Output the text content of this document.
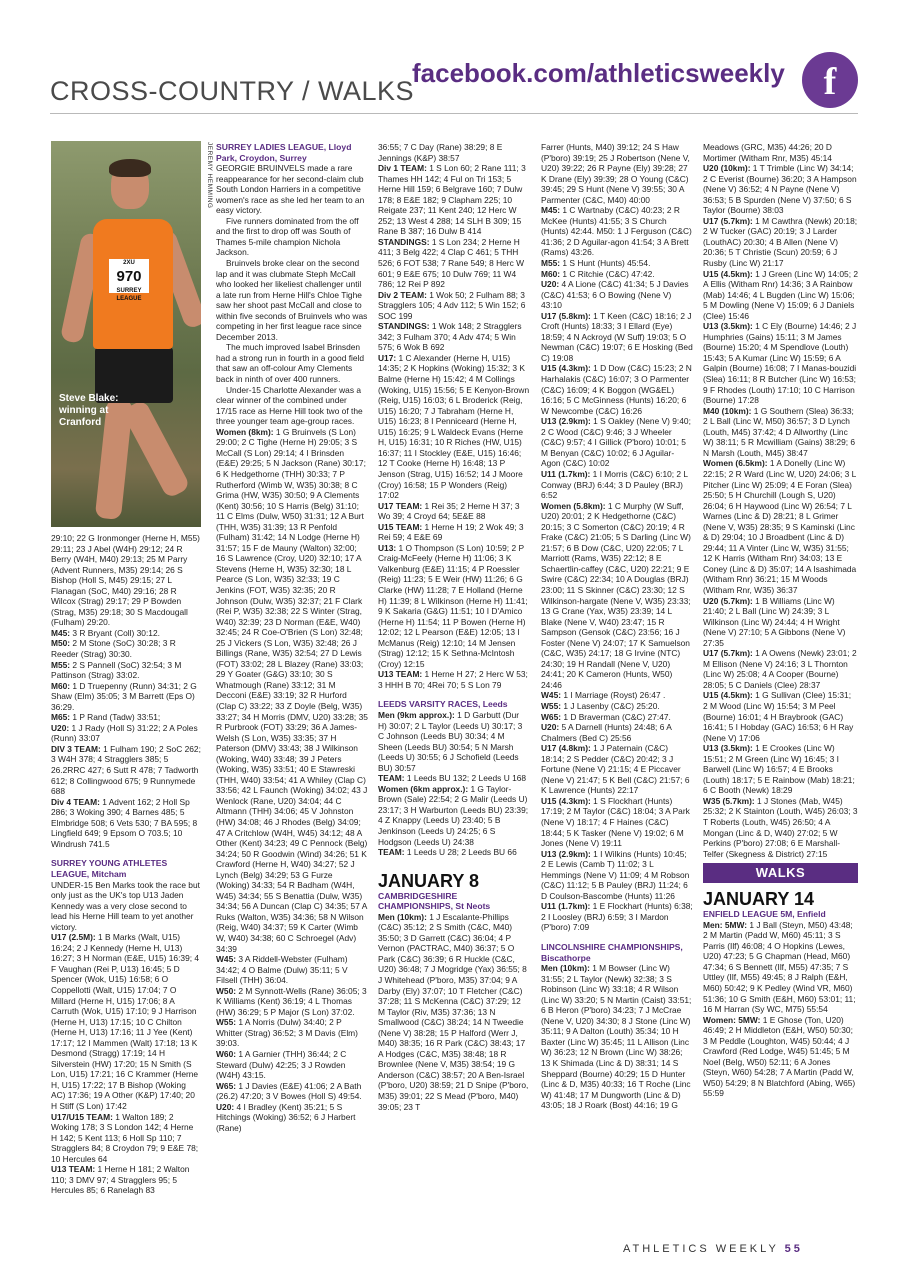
CROSS-COUNTRY / WALKS
facebook.com/athleticsweekly	f
2XU
970
SURREY LEAGUE
Steve Blake: winning at Cranford
JEREMY HEMMING

29:10; 22 G Ironmonger (Herne H, M55) 29:11; 23 J Abel (W4H) 29:12; 24 R Berry (W4H, M40) 29:13; 25 M Parry (Advent Runners, M35) 29:14; 26 S Bishop (Holl S, M45) 29:15; 27 L Flanagan (SoC, M40) 29:16; 28 R Wilcox (Strag) 29:17; 29 P Bowden (Strag, M35) 29:18; 30 S Macdougall (Fulham) 29:20.

M45: 3 R Bryant (Coll) 30:12.

M50: 2 M Stone (SoC) 30:28; 3 R Reeder (Strag) 30:30.

M55: 2 S Pannell (SoC) 32:54; 3 M Pattinson (Strag) 33:02.

M60: 1 D Truepenny (Runn) 34:31; 2 G Shaw (Elm) 35:05; 3 M Barrett (Eps O) 36:29.

M65: 1 P Rand (Tadw) 33:51;

U20: 1 J Rady (Holl S) 31:22; 2 A Poles (Runn) 33:07

DIV 3 TEAM: 1 Fulham 190; 2 SoC 262; 3 W4H 378; 4 Stragglers 385; 5 26.2RRC 427; 6 Sutt R 478; 7 Tadworth 612; 8 Collingwood 675; 9 Runnymede 688

Div 4 TEAM: 1 Advent 162; 2 Holl Sp 286; 3 Woking 390; 4 Barnes 485; 5 Elmbridge 508; 6 Vets 530; 7 BA 595; 8 Lingfield 649; 9 Epsom O 703.5; 10 Windrush 741.5

SURREY YOUNG ATHLETES LEAGUE, Mitcham

UNDER-15 Ben Marks took the race but only just as the UK's top U13 Jaden Kennedy was a very close second to lead his Herne Hill team to yet another victory.

U17 (2.5M): 1 B Marks (Walt, U15) 16:24; 2 J Kennedy (Herne H, U13) 16:27; 3 H Norman (E&E, U15) 16:39; 4 F Vaughan (Rei P, U13) 16:45; 5 D Spencer (Wok, U15) 16:58; 6 O Coppellotti (Walt, U15) 17:04; 7 O Millard (Herne H, U15) 17:06; 8 A Carruth (Wok, U15) 17:10; 9 J Harrison (Herne H, U13) 17:15; 10 C Chilton (Herne H, U13) 17:16; 11 J Yee (Kent) 17:17; 12 I Mammen (Walt) 17:18; 13 K Desmond (Stragg) 17:19; 14 H Silverstein (HW) 17:20; 15 N Smith (S Lon, U15) 17:21; 16 C Krammer (Herne H, U15) 17:22; 17 B Bishop (Woking AC) 17:36; 19 A Other (K&P) 17:40; 20 H Stiff (S Lon) 17:42

U17/U15 TEAM: 1 Walton 189; 2 Woking 178; 3 S London 142; 4 Herne H 142; 5 Kent 113; 6 Holl Sp 110; 7 Stragglers 84; 8 Croydon 79; 9 E&E 78; 10 Hercules 64

U13 TEAM: 1 Herne H 181; 2 Walton 110; 3 DMV 97; 4 Stragglers 95; 5 Hercules 85; 6 Ranelagh 83

SURREY LADIES LEAGUE, Lloyd Park, Croydon, Surrey

GEORGIE BRUINVELS made a rare reappearance for her second-claim club South London Harriers in a competitive women's race as she led her team to an easy victory.

Five runners dominated from the off and the first to drop off was South of Thames 5-mile champion Nichola Jackson.

Bruinvels broke clear on the second lap and it was clubmate Steph McCall who looked her likeliest challenger until a late run from Herne Hill's Chloe Tighe saw her shoot past McCall and close to within five seconds of Bruinvels who was competing in her first league race since December 2013.

The much improved Isabel Brinsden had a strong run in fourth in a good field that saw an off-colour Amy Clements back in ninth of over 400 runners.

Under-15 Charlotte Alexander was a clear winner of the combined under 17/15 race as Herne Hill took two of the three younger team age-group races.

Women (8km): 1 G Bruinvels (S Lon) 29:00; 2 C Tighe (Herne H) 29:05; 3 S McCall (S Lon) 29:14; 4 I Brinsden (E&E) 29:25; 5 N Jackson (Rane) 30:17; 6 K Hedgethorne (THH) 30:33; 7 P Rutherford (Wimb W, W35) 30:38; 8 C Grima (HW, W35) 30:50; 9 A Clements (Kent) 30:56; 10 S Harris (Belg) 31:10; 11 C Elms (Dulw, W50) 31:31; 12 A Burt (THH, W35) 31:39; 13 R Penfold (Fulham) 31:42; 14 N Lodge (Herne H) 31:57; 15 F de Mauny (Walton) 32:00; 16 S Lawrence (Croy, U20) 32:10; 17 A Stevens (Herne H, W35) 32:30; 18 L Pearce (S Lon, W35) 32:33; 19 C Jenkins (FOT, W35) 32:35; 20 R Johnson (Dulw, W35) 32:37; 21 F Clark (Rei P, W35) 32:38; 22 S Winter (Strag, W40) 32:39; 23 D Norman (E&E, W40) 32:45; 24 R Coe-O'Brien (S Lon) 32:48; 25 J Vickers (S Lon, W35) 32:48; 26 J Billings (Rane, W35) 32:54; 27 D Lewis (FOT) 33:02; 28 L Blazey (Rane) 33:03; 29 Y Goater (G&G) 33:10; 30 S Whatmough (Rane) 33:12; 31 M Decconi (E&E) 33:19; 32 R Hurford (Clap C) 33:22; 33 Z Doyle (Belg, W35) 33:27; 34 H Morris (DMV, U20) 33:28; 35 R Purbrook (FOT) 33:29; 36 A James-Welsh (S Lon, W35) 33:35; 37 H Paterson (DMV) 33:43; 38 J Wilkinson (Woking, W40) 33:48; 39 J Peters (Woking, W35) 33:51; 40 E Stawreski (THH, W40) 33:54; 41 A Whiley (Clap C) 33:56; 42 L Faunch (Woking) 34:02; 43 J Wenlock (Rane, U20) 34:04; 44 C Altmann (THH) 34:06; 45 V Johnston (HW) 34:08; 46 J Rhodes (Belg) 34:09; 47 A Critchlow (W4H, W45) 34:12; 48 A Other (Kent) 34:23; 49 C Pennock (Belg) 34:24; 50 R Goodwin (Wind) 34:26; 51 K Crawford (Herne H, W40) 34:27; 52 J Lynch (Belg) 34:29; 53 G Furze (Woking) 34:33; 54 R Badham (W4H, W45) 34:34; 55 S Benattia (Dulw, W35) 34:34; 56 A Duncan (Clap C) 34:35; 57 A Ruks (Walton, W35) 34:36; 58 N Wilson (Reig, W40) 34:37; 59 K Carter (Wimb W, W40) 34:38; 60 C Schroegel (Adv) 34:39

W45: 3 A Riddell-Webster (Fulham) 34:42; 4 O Balme (Dulw) 35:11; 5 V Filsell (THH) 36:04.

W50: 2 M Synnott-Wells (Rane) 36:05; 3 K Williams (Kent) 36:19; 4 L Thomas (HW) 36:29; 5 P Major (S Lon) 37:02.

W55: 1 A Norris (Dulw) 34:40; 2 P Whitter (Strag) 36:52; 3 M Davis (Elm) 39:03.

W60: 1 A Garnier (THH) 36:44; 2 C Steward (Dulw) 42:25; 3 J Rowden (W4H) 43:15.

W65: 1 J Davies (E&E) 41:06; 2 A Bath (26.2) 47:20; 3 V Bowes (Holl S) 49:54.

U20: 4 I Bradley (Kent) 35:21; 5 S Hitchings (Woking) 36:52; 6 J Harbert (Rane)

36:55; 7 C Day (Rane) 38:29; 8 E Jennings (K&P) 38:57

Div 1 TEAM: 1 S Lon 60; 2 Rane 111; 3 Thames HH 142; 4 Ful on Tri 153; 5 Herne Hill 159; 6 Belgrave 160; 7 Dulw 178; 8 E&E 182; 9 Clapham 225; 10 Reigate 237; 11 Kent 240; 12 Herc W 252; 13 West 4 288; 14 SLH B 309; 15 Rane B 387; 16 Dulw B 414

STANDINGS: 1 S Lon 234; 2 Herne H 411; 3 Belg 422; 4 Clap C 461; 5 THH 526; 6 FOT 538; 7 Rane 549; 8 Herc W 601; 9 E&E 675; 10 Dulw 769; 11 W4 786; 12 Rei P 892

Div 2 TEAM: 1 Wok 50; 2 Fulham 88; 3 Stragglers 105; 4 Adv 112; 5 Win 152; 6 SOC 199

STANDINGS: 1 Wok 148; 2 Stragglers 342; 3 Fulham 370; 4 Adv 474; 5 Win 575; 6 Wok B 692

U17: 1 C Alexander (Herne H, U15) 14:35; 2 K Hopkins (Woking) 15:32; 3 K Balme (Herne H) 15:42; 4 M Collings (Woking, U15) 15:56; 5 E Kenyon-Brown (Reig, U15) 16:03; 6 L Broderick (Reig, U15) 16:20; 7 J Tabraham (Herne H, U15) 16:23; 8 I Penniceard (Herne H, U15) 16:25; 9 L Waldeck Evans (Herne H, U15) 16:31; 10 R Riches (HW, U15) 16:37; 11 I Stockley (E&E, U15) 16:46; 12 T Cooke (Herne H) 16:48; 13 P Jenson (Strag, U15) 16:52; 14 J Moore (Croy) 16:58; 15 P Wonders (Reig) 17:02

U17 TEAM: 1 Rei 35; 2 Herne H 37; 3 Wo 39; 4 Croyd 64; 5E&E 88

U15 TEAM: 1 Herne H 19; 2 Wok 49; 3 Rei 59; 4 E&E 69

U13: 1 O Thompson (S Lon) 10:59; 2 P Craig-McFeely (Herne H) 11:06; 3 K Valkenburg (E&E) 11:15; 4 P Roessler (Reig) 11:23; 5 E Weir (HW) 11:26; 6 G Clarke (HW) 11:28; 7 E Holland (Herne H) 11:39; 8 L Wilkinson (Herne H) 11:41; 9 K Sakaria (G&G) 11:51; 10 I D'Amico (Herne H) 11:54; 11 P Bowen (Herne H) 12:02; 12 L Pearson (E&E) 12:05; 13 I McManus (Reig) 12:10; 14 M Jensen (Strag) 12:12; 15 K Sethna-McIntosh (Croy) 12:15

U13 TEAM: 1 Herne H 27; 2 Herc W 53; 3 HHH B 70; 4Rei 70; 5 S Lon 79

LEEDS VARSITY RACES, Leeds

Men (9km approx.): 1 D Garbutt (Dur H) 30:07; 2 L Taylor (Leeds U) 30:17; 3 C Johnson (Leeds BU) 30:34; 4 M Sheen (Leeds BU) 30:54; 5 N Marsh (Leeds U) 30:55; 6 J Schofield (Leeds BU) 30:57

TEAM: 1 Leeds BU 132; 2 Leeds U 168

Women (6km approx.): 1 G Taylor-Brown (Sale) 22:54; 2 G Malir (Leeds U) 23:17; 3 H Warburton (Leeds BU) 23:39; 4 Z Knappy (Leeds U) 23:40; 5 B Jenkinson (Leeds U) 24:25; 6 S Hodgson (Leeds U) 24:38

TEAM: 1 Leeds U 28; 2 Leeds BU 66

JANUARY 8

CAMBRIDGESHIRE CHAMPIONSHIPS, St Neots

Men (10km): 1 J Escalante-Phillips (C&C) 35:12; 2 S Smith (C&C, M40) 35:50; 3 D Garrett (C&C) 36:04; 4 P Vernon (PACTRAC, M40) 36:37; 5 O Park (C&C) 36:39; 6 R Huckle (C&C, U20) 36:48; 7 J Mogridge (Yax) 36:55; 8 J Whitehead (P'boro, M35) 37:04; 9 A Darby (Ely) 37:07; 10 T Fletcher (C&C) 37:28; 11 S McKenna (C&C) 37:29; 12 M Taylor (Riv, M35) 37:36; 13 N Smallwood (C&C) 38:24; 14 N Tweedie (Nene V) 38:28; 15 P Halford (Werr J, M40) 38:35; 16 R Park (C&C) 38:43; 17 A Hodges (C&C, M35) 38:48; 18 R Brownlee (Nene V, M35) 38:54; 19 G Anderson (C&C) 38:57; 20 A Ben-Israel (P'boro, U20) 38:59; 21 D Snipe (P'boro, M35) 39:01; 22 S Mead (P'boro, M40) 39:05; 23 T

Farrer (Hunts, M40) 39:12; 24 S Haw (P'boro) 39:19; 25 J Robertson (Nene V, U20) 39:22; 26 R Payne (Ely) 39:28; 27 K Drane (Ely) 39:39; 28 O Young (C&C) 39:45; 29 S Hunt (Nene V) 39:55; 30 A Parmenter (C&C, M40) 40:00

M45: 1 C Wartnaby (C&C) 40:23; 2 R McKee (Hunts) 41:55; 3 S Church (Hunts) 42:44. M50: 1 J Ferguson (C&C) 41:36; 2 D Aguilar-agon 41:54; 3 A Brett (Rams) 43:26.

M55: 1 S Hunt (Hunts) 45:54.

M60: 1 C Ritchie (C&C) 47:42.

U20: 4 A Lione (C&C) 41:34; 5 J Davies (C&C) 41:53; 6 O Bowing (Nene V) 43:10

U17 (5.8km): 1 T Keen (C&C) 18:16; 2 J Croft (Hunts) 18:33; 3 I Ellard (Eye) 18:59; 4 N Ackroyd (W Suff) 19:03; 5 O Newman (C&C) 19:07; 6 E Hosking (Bed C) 19:08

U15 (4.3km): 1 D Dow (C&C) 15:23; 2 N Harhalakis (C&C) 16:07; 3 O Parmenter (C&C) 16:09; 4 K Boggon (WG&EL) 16:16; 5 C McGinness (Hunts) 16:20; 6 W Newcombe (C&C) 16:26

U13 (2.9km): 1 S Oakley (Nene V) 9:40; 2 C Wood (C&C) 9:46; 3 J Wheeler (C&C) 9:57; 4 I Gillick (P'boro) 10:01; 5 M Benyan (C&C) 10:02; 6 J Aguilar-Agon (C&C) 10:02

U11 (1.7km): 1 I Morris (C&C) 6:10; 2 L Conway (BRJ) 6:44; 3 D Pauley (BRJ) 6:52

Women (5.8km): 1 C Murphy (W Suff, U20) 20:01; 2 K Hedgethorne (C&C) 20:15; 3 C Somerton (C&C) 20:19; 4 R Frake (C&C) 21:05; 5 S Darling (Linc W) 21:57; 6 B Dow (C&C, U20) 22:05; 7 L Marriott (Rams, W35) 22:12; 8 E Schaertlin-caffey (C&C, U20) 22:21; 9 E Swire (C&C) 22:34; 10 A Douglas (BRJ) 23:00; 11 S Skinner (C&C) 23:30; 12 S Wilkinson-hargate (Nene V, W35) 23:33; 13 G Crane (Yax, W35) 23:39; 14 L Blake (Nene V, W40) 23:47; 15 R Sampson (Gensok (C&C) 23:56; 16 J Foster (Nene V) 24:07; 17 K Samuelson (C&C, W35) 24:17; 18 G Irvine (NTC) 24:30; 19 H Randall (Nene V, U20) 24:41; 20 K Cameron (Hunts, W50) 24:46

W45: 1 I Marriage (Royst) 26:47 .

W55: 1 J Lasenby (C&C) 25:20.

W65: 1 D Braverman (C&C) 27:47.

U20: 5 A Darnell (Hunts) 24:48; 6 A Chalmers (Bed C) 25:56

U17 (4.8km): 1 J Paternain (C&C) 18:14; 2 S Pedder (C&C) 20:42; 3 J Fortune (Nene V) 21:15; 4 E Piccaver (Nene V) 21:47; 5 K Bell (C&C) 21:57; 6 K Lawrence (Hunts) 22:17

U15 (4.3km): 1 S Flockhart (Hunts) 17:19; 2 M Taylor (C&C) 18:04; 3 A Park (Nene V) 18:17; 4 F Haines (C&C) 18:44; 5 K Tasker (Nene V) 19:02; 6 M Jones (Nene V) 19:11

U13 (2.9km): 1 I Wilkins (Hunts) 10:45; 2 E Lewis (Camb T) 11:02; 3 L Hemmings (Nene V) 11:09; 4 M Robson (C&C) 11:12; 5 B Pauley (BRJ) 11:24; 6 D Coulson-Bascombe (Hunts) 11:26

U11 (1.7km): 1 E Flockhart (Hunts) 6:38; 2 I Loosley (BRJ) 6:59; 3 I Mardon (P'boro) 7:09

LINCOLNSHIRE CHAMPIONSHIPS, Biscathorpe

Men (10km): 1 M Bowser (Linc W) 31:55; 2 L Taylor (Newk) 32:38; 3 S Robinson (Linc W) 33:18; 4 R Wilson (Linc W) 33:20; 5 N Martin (Caist) 33:51; 6 B Heron (P'boro) 34:23; 7 J McCrae (Nene V, U20) 34:30; 8 J Stone (Linc W) 35:11; 9 A Dalton (Louth) 35:34; 10 H Baxter (Linc W) 35:45; 11 L Allison (Linc W) 36:23; 12 N Brown (Linc W) 38:26; 13 K Shimada (Linc & D) 38:31; 14 S Sheppard (Bourne) 40:29; 15 D Hunter (Linc & D, M35) 40:33; 16 T Roche (Linc W) 41:48; 17 M Dungworth (Linc & D) 43:05; 18 J Roark (Bost) 44:16; 19 G

Meadows (GRC, M35) 44:26; 20 D Mortimer (Witham Rnr, M35) 45:14

U20 (10km): 1 T Trimble (Linc W) 34:14; 2 C Everist (Bourne) 36:20; 3 A Hampson (Nene V) 36:52; 4 N Payne (Nene V) 36:53; 5 B Spurden (Nene V) 37:50; 6 S Taylor (Bourne) 38:03

U17 (5.7km): 1 M Cawthra (Newk) 20:18; 2 W Tucker (GAC) 20:19; 3 J Larder (LouthAC) 20:30; 4 B Allen (Nene V) 20:36; 5 T Christie (Scun) 20:59; 6 J Rusby (Linc W) 21:17

U15 (4.5km): 1 J Green (Linc W) 14:05; 2 A Ellis (Witham Rnr) 14:36; 3 A Rainbow (Mab) 14:46; 4 L Bugden (Linc W) 15:06; 5 M Dowling (Nene V) 15:09; 6 J Daniels (Clee) 15:46

U13 (3.5km): 1 C Ely (Bourne) 14:46; 2 J Humphries (Gains) 15:11; 3 M James (Bourne) 15:20; 4 M Spendlove (Louth) 15:43; 5 A Kumar (Linc W) 15:59; 6 A Galpin (Bourne) 16:08; 7 I Manas-bouzidi (Slea) 16:11; 8 R Butcher (Linc W) 16:53; 9 F Rhodes (Louth) 17:10; 10 C Harrison (Bourne) 17:28

M40 (10km): 1 G Southern (Slea) 36:33; 2 L Ball (Linc W, M50) 36:57; 3 D Lynch (Louth, M45) 37:42; 4 D Allworthy (Linc W) 38:11; 5 R Mcwilliam (Gains) 38:29; 6 N Marsh (Louth, M45) 38:47

Women (6.5km): 1 A Donelly (Linc W) 22:15; 2 R Ward (Linc W, U20) 24:06; 3 L Pitcher (Linc W) 25:09; 4 E Foran (Slea) 25:50; 5 H Churchill (Lough S, U20) 26:04; 6 H Haywood (Linc W) 26:54; 7 L Warnes (Linc & D) 28:21; 8 L Grimer (Nene V, W35) 28:35; 9 S Kaminski (Linc & D) 29:04; 10 J Broadbent (Linc & D) 29:44; 11 A Vinter (Linc W, W35) 31:55; 12 K Harris (Witham Rnr) 34:03; 13 E Coney (Linc & D) 35:07; 14 A Isashimada (Witham Rnr) 36:21; 15 M Woods (Witham Rnr, W35) 36:37

U20 (5.7km): 1 B Williams (Linc W) 21:40; 2 L Ball (Linc W) 24:39; 3 L Wilkinson (Linc W) 24:44; 4 H Wright (Nene V) 27:10; 5 A Gibbons (Nene V) 27:35

U17 (5.7km): 1 A Owens (Newk) 23:01; 2 M Ellison (Nene V) 24:16; 3 L Thornton (Linc W) 25:08; 4 A Cooper (Bourne) 28:05; 5 C Daniels (Clee) 28:37

U15 (4.5km): 1 G Sullivan (Clee) 15:31; 2 M Wood (Linc W) 15:54; 3 M Peel (Bourne) 16:01; 4 H Braybrook (GAC) 16:41; 5 I Hobday (GAC) 16:53; 6 H Ray (Nene V) 17:06

U13 (3.5km): 1 E Crookes (Linc W) 15:51; 2 M Green (Linc W) 16:45; 3 I Barwell (Linc W) 16:57; 4 E Brooks (Louth) 18:17; 5 E Rainbow (Mab) 18:21; 6 C Booth (Newk) 18:29

W35 (5.7km): 1 J Stones (Mab, W45) 25:32; 2 K Stainton (Louth, W45) 26:03; 3 T Roberts (Louth, W45) 26:50; 4 A Mongan (Linc & D, W40) 27:02; 5 W Perkins (P'boro) 27:08; 6 E Marshall-Telfer (Skegness & District) 27:15

WALKS
JANUARY 14

ENFIELD LEAGUE 5M, Enfield

Men: 5MW: 1 J Ball (Steyn, M50) 43:48; 2 M Martin (Padd W, M60) 45:11; 3 S Parris (Ilf) 46:08; 4 O Hopkins (Lewes, U20) 47:23; 5 G Chapman (Head, M60) 47:34; 6 S Bennett (Ilf, M55) 47:35; 7 S Uttley (Ilf, M55) 49:45; 8 J Ralph (E&H, M60) 50:42; 9 K Pedley (Wind VR, M60) 51:36; 10 G Smith (E&H, M60) 53:01; 11; 16 M Harran (Sy WC, M75) 55:54

Women: 5MW: 1 E Ghose (Ton, U20) 46:49; 2 H Middleton (E&H, W50) 50:30; 3 M Peddle (Loughton, W45) 50:44; 4 J Crawford (Red Lodge, W45) 51:45; 5 M Noel (Belg, W50) 52:11; 6 A Jones (Steyn, W60) 54:28; 7 A Martin (Padd W, W50) 54:29; 8 N Blatchford (Abing, W65) 55:59

ATHLETICS WEEKLY 55
